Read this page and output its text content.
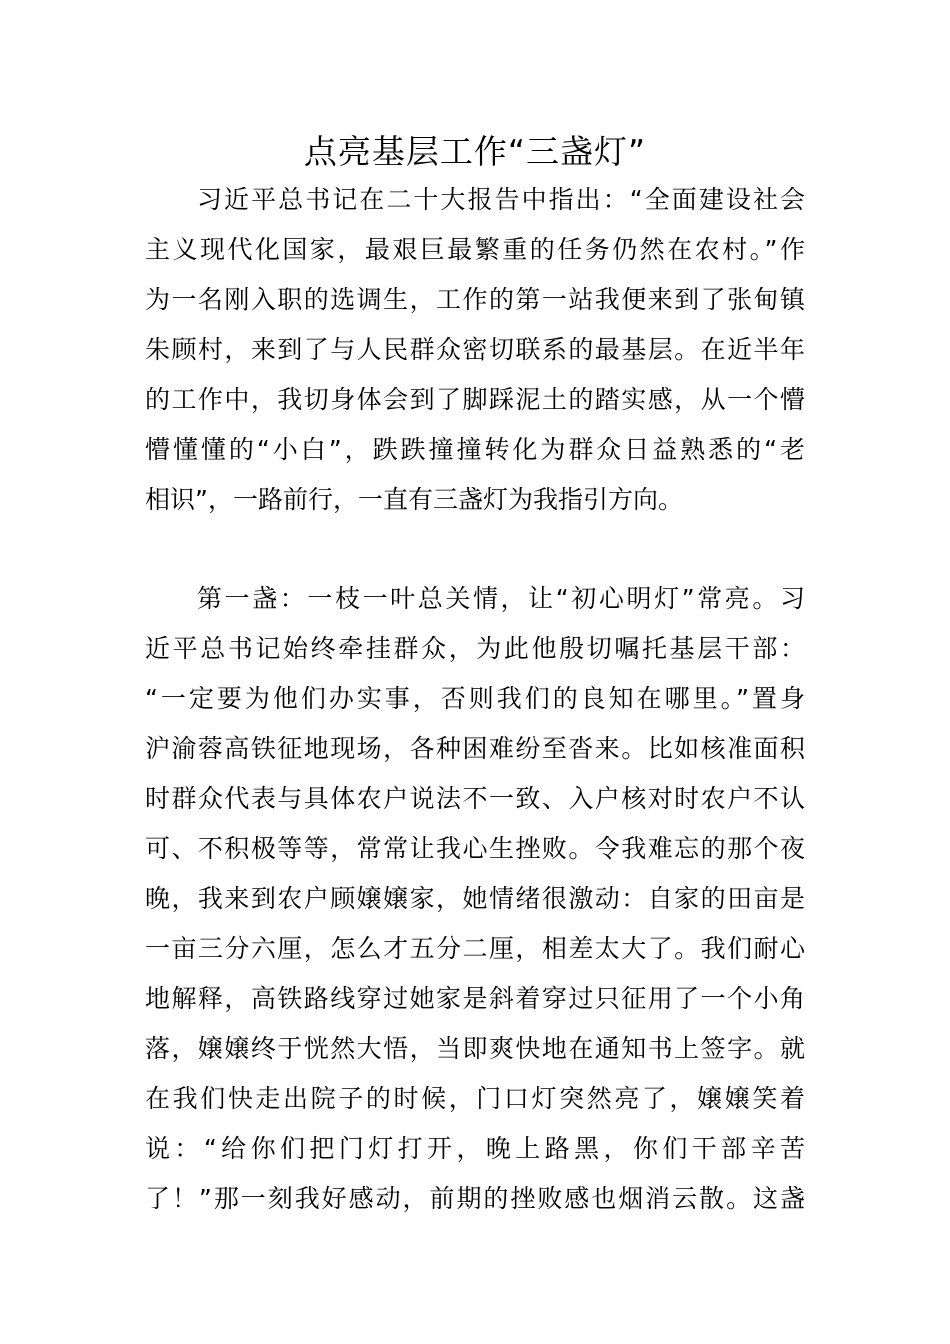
点亮基层工作“三盏灯”
习近平总书记在二十大报告中指出：“全面建设社会
主义现代化国家，最艰巨最繁重的任务仍然在农村。”作
为一名刚入职的选调生，工作的第一站我便来到了张甸镇
朱顾村，来到了与人民群众密切联系的最基层。在近半年
的工作中，我切身体会到了脚踩泥土的踏实感，从一个懵
懵懂懂的“小白”，跌跌撞撞转化为群众日益熟悉的“老
相识”，一路前行，一直有三盏灯为我指引方向。
第一盏：一枝一叶总关情，让“初心明灯”常亮。习
近平总书记始终牵挂群众，为此他殷切嘱托基层干部：
“一定要为他们办实事，否则我们的良知在哪里。”置身
沪渝蓉高铁征地现场，各种困难纷至沓来。比如核准面积
时群众代表与具体农户说法不一致、入户核对时农户不认
可、不积极等等，常常让我心生挫败。令我难忘的那个夜
晚，我来到农户顾嬢嬢家，她情绪很激动：自家的田亩是
一亩三分六厘，怎么才五分二厘，相差太大了。我们耐心
地解释，高铁路线穿过她家是斜着穿过只征用了一个小角
落，嬢嬢终于恍然大悟，当即爽快地在通知书上签字。就
在我们快走出院子的时候，门口灯突然亮了，嬢嬢笑着
说：“给你们把门灯打开，晚上路黑，你们干部辛苦
了！”那一刻我好感动，前期的挫败感也烟消云散。这盏
